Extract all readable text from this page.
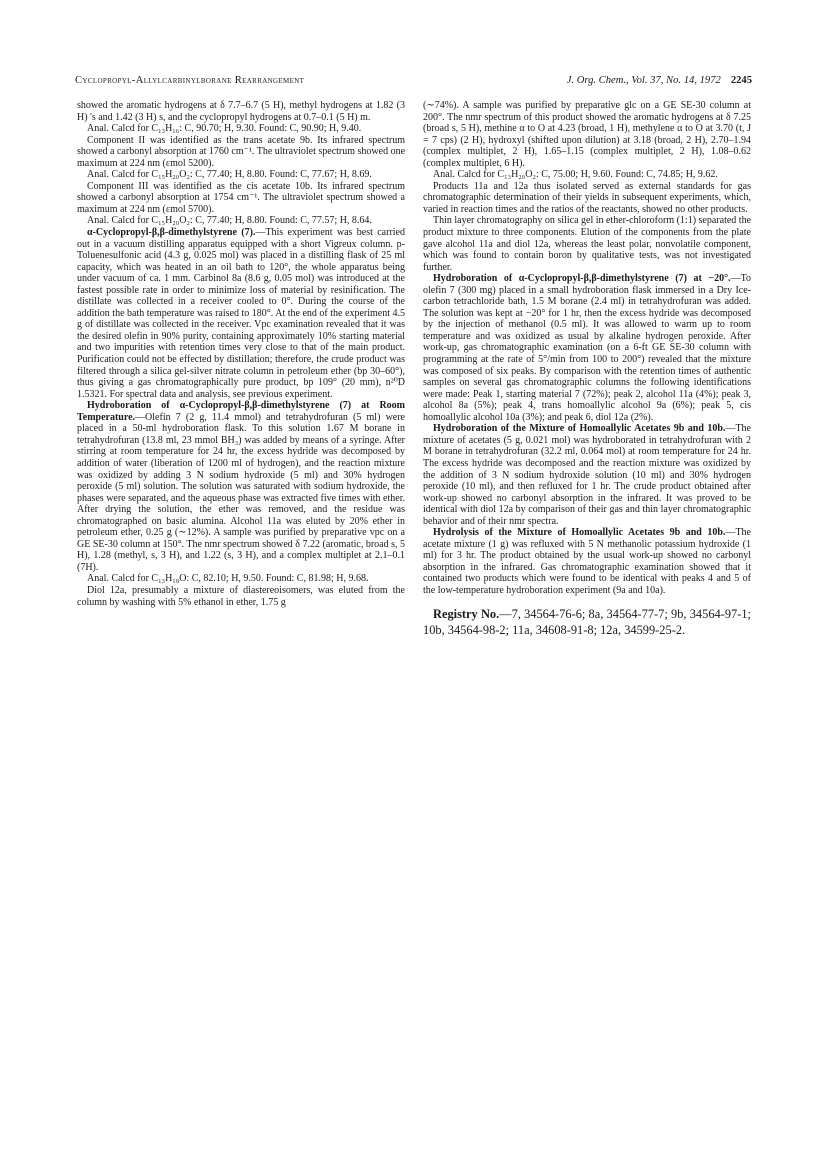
Cyclopropyl-Allylcarbinylborane Rearrangement	J. Org. Chem., Vol. 37, No. 14, 1972 2245

showed the aromatic hydrogens at δ 7.7–6.7 (5 H), methyl hydrogens at 1.82 (3 H) 's and 1.42 (3 H) s, and the cyclopropyl hydrogens at 0.7–0.1 (5 H) m.

Anal. Calcd for C₁₃H₁₆: C, 90.70; H, 9.30. Found: C, 90.90; H, 9.40.

Component II was identified as the trans acetate 9b. Its infrared spectrum showed a carbonyl absorption at 1760 cm⁻¹. The ultraviolet spectrum showed one maximum at 224 nm (εmol 5200).

Anal. Calcd for C₁₅H₂₀O₂: C, 77.40; H, 8.80. Found: C, 77.67; H, 8.69.

Component III was identified as the cis acetate 10b. Its infrared spectrum showed a carbonyl absorption at 1754 cm⁻¹. The ultraviolet spectrum showed a maximum at 224 nm (εmol 5700).

Anal. Calcd for C₁₅H₂₀O₂: C, 77.40; H, 8.80. Found: C, 77.57; H, 8.64.

α-Cyclopropyl-β,β-dimethylstyrene (7).—This experiment was best carried out in a vacuum distilling apparatus equipped with a short Vigreux column. p-Toluenesulfonic acid (4.3 g, 0.025 mol) was placed in a distilling flask of 25 ml capacity, which was heated in an oil bath to 120°, the whole apparatus being under vacuum of ca. 1 mm. Carbinol 8a (8.6 g, 0.05 mol) was introduced at the fastest possible rate in order to minimize loss of material by resinification. The distillate was collected in a receiver cooled to 0°. During the course of the addition the bath temperature was raised to 180°. At the end of the experiment 4.5 g of distillate was collected in the receiver. Vpc examination revealed that it was the desired olefin in 90% purity, containing approximately 10% starting material and two impurities with retention times very close to that of the main product. Purification could not be effected by distillation; therefore, the crude product was filtered through a silica gel-silver nitrate column in petroleum ether (bp 30–60°), thus giving a gas chromatographically pure product, bp 109° (20 mm), n²⁰D 1.5321. For spectral data and analysis, see previous experiment.

Hydroboration of α-Cyclopropyl-β,β-dimethylstyrene (7) at Room Temperature.—Olefin 7 (2 g, 11.4 mmol) and tetrahydrofuran (5 ml) were placed in a 50-ml hydroboration flask. To this solution 1.67 M borane in tetrahydrofuran (13.8 ml, 23 mmol BH₃) was added by means of a syringe. After stirring at room temperature for 24 hr, the excess hydride was decomposed by addition of water (liberation of 1200 ml of hydrogen), and the reaction mixture was oxidized by adding 3 N sodium hydroxide (5 ml) and 30% hydrogen peroxide (5 ml) solution. The solution was saturated with sodium hydroxide, the phases were separated, and the aqueous phase was extracted five times with ether. After drying the solution, the ether was removed, and the residue was chromatographed on basic alumina. Alcohol 11a was eluted by 20% ether in petroleum ether, 0.25 g (∼12%). A sample was purified by preparative vpc on a GE SE-30 column at 150°. The nmr spectrum showed δ 7.22 (aromatic, broad s, 5 H), 1.28 (methyl, s, 3 H), and 1.22 (s, 3 H), and a complex multiplet at 2.1–0.1 (7H).

Anal. Calcd for C₁₃H₁₈O: C, 82.10; H, 9.50. Found: C, 81.98; H, 9.68.

Diol 12a, presumably a mixture of diastereoisomers, was eluted from the column by washing with 5% ethanol in ether, 1.75 g

(∼74%). A sample was purified by preparative glc on a GE SE-30 column at 200°. The nmr spectrum of this product showed the aromatic hydrogens at δ 7.25 (broad s, 5 H), methine α to O at 4.23 (broad, 1 H), methylene α to O at 3.70 (t, J = 7 cps) (2 H), hydroxyl (shifted upon dilution) at 3.18 (broad, 2 H), 2.70–1.94 (complex multiplet, 2 H), 1.65–1.15 (complex multiplet, 2 H), 1.08–0.62 (complex multiplet, 6 H).

Anal. Calcd for C₁₃H₂₀O₂: C, 75.00; H, 9.60. Found: C, 74.85; H, 9.62.

Products 11a and 12a thus isolated served as external standards for gas chromatographic determination of their yields in subsequent experiments, which, varied in reaction times and the ratios of the reactants, showed no other products.

Thin layer chromatography on silica gel in ether-chloroform (1:1) separated the product mixture to three components. Elution of the components from the plate gave alcohol 11a and diol 12a, whereas the least polar, nonvolatile component, which was found to contain boron by qualitative tests, was not investigated further.

Hydroboration of α-Cyclopropyl-β,β-dimethylstyrene (7) at −20°.—To olefin 7 (300 mg) placed in a small hydroboration flask immersed in a Dry Ice-carbon tetrachloride bath, 1.5 M borane (2.4 ml) in tetrahydrofuran was added. The solution was kept at −20° for 1 hr, then the excess hydride was decomposed by the injection of methanol (0.5 ml). It was allowed to warm up to room temperature and was oxidized as usual by alkaline hydrogen peroxide. After work-up, gas chromatographic examination (on a 6-ft GE SE-30 column with programming at the rate of 5°/min from 100 to 200°) revealed that the mixture was composed of six peaks. By comparison with the retention times of authentic samples on several gas chromatographic columns the following identifications were made: Peak 1, starting material 7 (72%); peak 2, alcohol 11a (4%); peak 3, alcohol 8a (5%); peak 4, trans homoallylic alcohol 9a (6%); peak 5, cis homoallylic alcohol 10a (3%); and peak 6, diol 12a (2%).

Hydroboration of the Mixture of Homoallylic Acetates 9b and 10b.—The mixture of acetates (5 g, 0.021 mol) was hydroborated in tetrahydrofuran with 2 M borane in tetrahydrofuran (32.2 ml, 0.064 mol) at room temperature for 24 hr. The excess hydride was decomposed and the reaction mixture was oxidized by the addition of 3 N sodium hydroxide solution (10 ml) and 30% hydrogen peroxide (10 ml), and then refluxed for 1 hr. The crude product obtained after work-up showed no carbonyl absorption in the infrared. It was proved to be identical with diol 12a by comparison of their gas and thin layer chromatographic behavior and of their nmr spectra.

Hydrolysis of the Mixture of Homoallylic Acetates 9b and 10b.—The acetate mixture (1 g) was refluxed with 5 N methanolic potassium hydroxide (1 ml) for 3 hr. The product obtained by the usual work-up showed no carbonyl absorption in the infrared. Gas chromatographic examination showed that it contained two products which were found to be identical with peaks 4 and 5 of the low-temperature hydroboration experiment (9a and 10a).

Registry No.—7, 34564-76-6; 8a, 34564-77-7; 9b, 34564-97-1; 10b, 34564-98-2; 11a, 34608-91-8; 12a, 34599-25-2.
